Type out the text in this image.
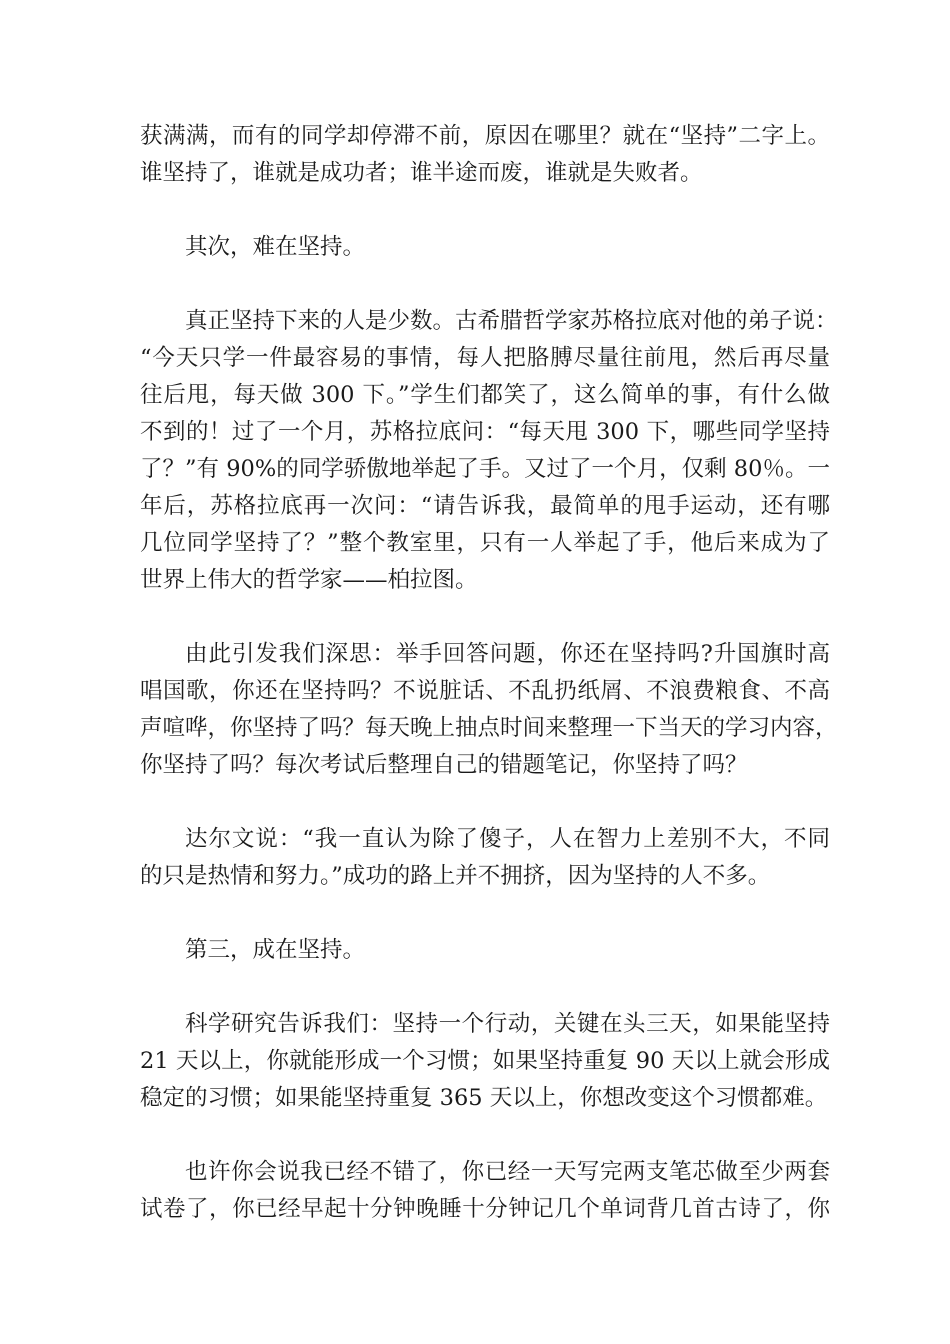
获满满，而有的同学却停滞不前，原因在哪里？就在“坚持”二字上。
谁坚持了，谁就是成功者；谁半途而废，谁就是失败者。
其次，难在坚持。
真正坚持下来的人是少数。古希腊哲学家苏格拉底对他的弟子说：
“今天只学一件最容易的事情，每人把胳膊尽量往前甩，然后再尽量
往后甩，每天做 300 下。”学生们都笑了，这么简单的事，有什么做
不到的！过了一个月，苏格拉底问：“每天甩 300 下，哪些同学坚持
了？”有 90%的同学骄傲地举起了手。又过了一个月，仅剩 80％。一
年后，苏格拉底再一次问：“请告诉我，最简单的甩手运动，还有哪
几位同学坚持了？”整个教室里，只有一人举起了手，他后来成为了
世界上伟大的哲学家——柏拉图。
由此引发我们深思：举手回答问题，你还在坚持吗?升国旗时高
唱国歌，你还在坚持吗？不说脏话、不乱扔纸屑、不浪费粮食、不高
声喧哗，你坚持了吗？每天晚上抽点时间来整理一下当天的学习内容，
你坚持了吗？每次考试后整理自己的错题笔记，你坚持了吗？
达尔文说：“我一直认为除了傻子，人在智力上差别不大，不同
的只是热情和努力。”成功的路上并不拥挤，因为坚持的人不多。
第三，成在坚持。
科学研究告诉我们：坚持一个行动，关键在头三天，如果能坚持
21 天以上，你就能形成一个习惯；如果坚持重复 90 天以上就会形成
稳定的习惯；如果能坚持重复 365 天以上，你想改变这个习惯都难。
也许你会说我已经不错了，你已经一天写完两支笔芯做至少两套
试卷了，你已经早起十分钟晚睡十分钟记几个单词背几首古诗了，你
